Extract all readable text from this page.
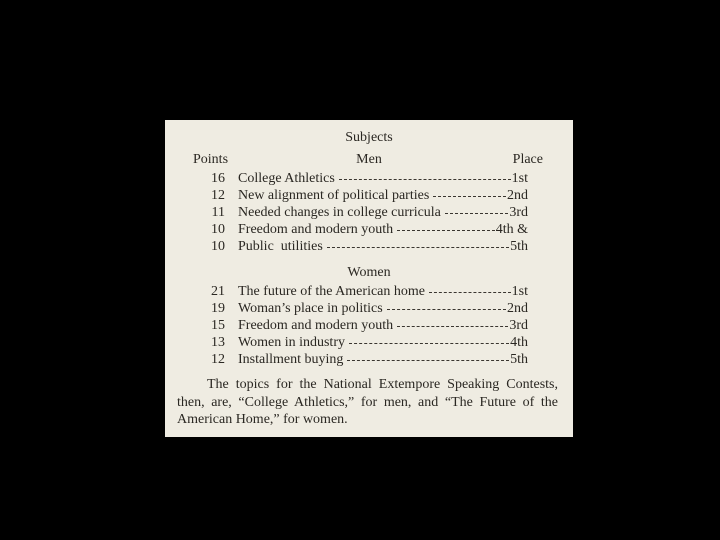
Subjects
Points	Men	Place
16 College Athletics	1st
12 New alignment of political parties	2nd
11 Needed changes in college curricula	3rd
10 Freedom and modern youth	4th &
10 Public  utilities	5th
Women
21 The future of the American home	1st
19 Woman’s place in politics	2nd
15 Freedom and modern youth	3rd
13 Women in industry	4th
12 Installment buying	5th
The topics for the National Extempore Speaking Contests, then, are, “College Athletics,” for men, and “The Future of the American Home,” for women.
